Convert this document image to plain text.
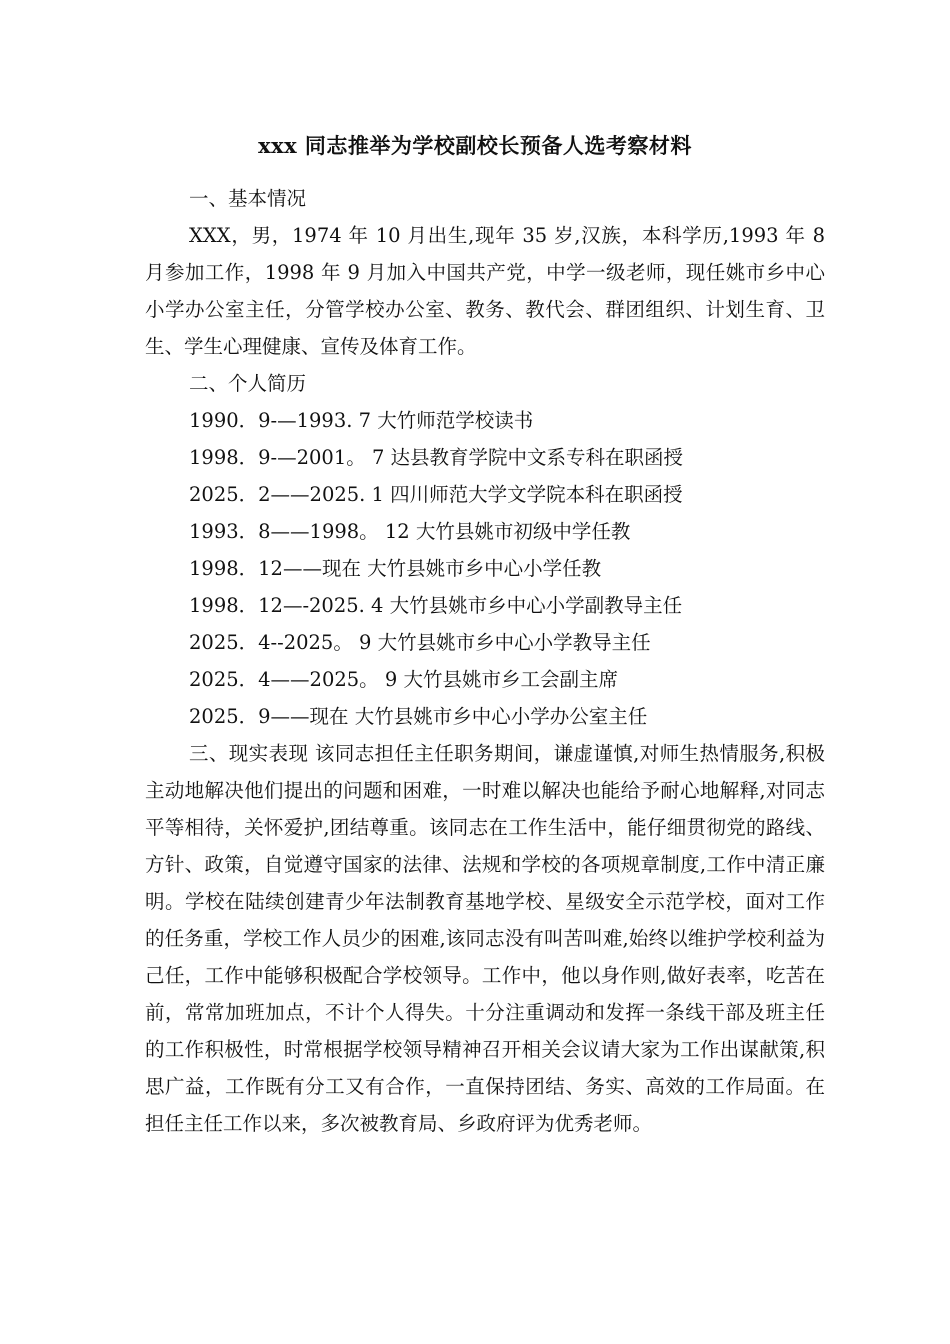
xxx 同志推举为学校副校长预备人选考察材料

一、基本情况

XXX，男，1974 年 10 月出生,现年 35 岁,汉族，本科学历,1993 年 8 月参加工作，1998 年 9 月加入中国共产党，中学一级老师，现任姚市乡中心小学办公室主任，分管学校办公室、教务、教代会、群团组织、计划生育、卫生、学生心理健康、宣传及体育工作。

二、个人简历

1990．9-—1993. 7 大竹师范学校读书

1998．9-—2001。 7 达县教育学院中文系专科在职函授

2025．2——2025. 1 四川师范大学文学院本科在职函授

1993．8——1998。 12 大竹县姚市初级中学任教

1998．12——现在 大竹县姚市乡中心小学任教

1998．12—-2025. 4 大竹县姚市乡中心小学副教导主任

2025．4--2025。 9 大竹县姚市乡中心小学教导主任

2025．4——2025。 9 大竹县姚市乡工会副主席

2025．9——现在 大竹县姚市乡中心小学办公室主任

三、现实表现 该同志担任主任职务期间，谦虚谨慎,对师生热情服务,积极主动地解决他们提出的问题和困难，一时难以解决也能给予耐心地解释,对同志平等相待，关怀爱护,团结尊重。该同志在工作生活中，能仔细贯彻党的路线、方针、政策，自觉遵守国家的法律、法规和学校的各项规章制度,工作中清正廉明。学校在陆续创建青少年法制教育基地学校、星级安全示范学校，面对工作的任务重，学校工作人员少的困难,该同志没有叫苦叫难,始终以维护学校利益为己任，工作中能够积极配合学校领导。工作中，他以身作则,做好表率，吃苦在前，常常加班加点，不计个人得失。十分注重调动和发挥一条线干部及班主任的工作积极性，时常根据学校领导精神召开相关会议请大家为工作出谋献策,积思广益，工作既有分工又有合作，一直保持团结、务实、高效的工作局面。在担任主任工作以来，多次被教育局、乡政府评为优秀老师。
